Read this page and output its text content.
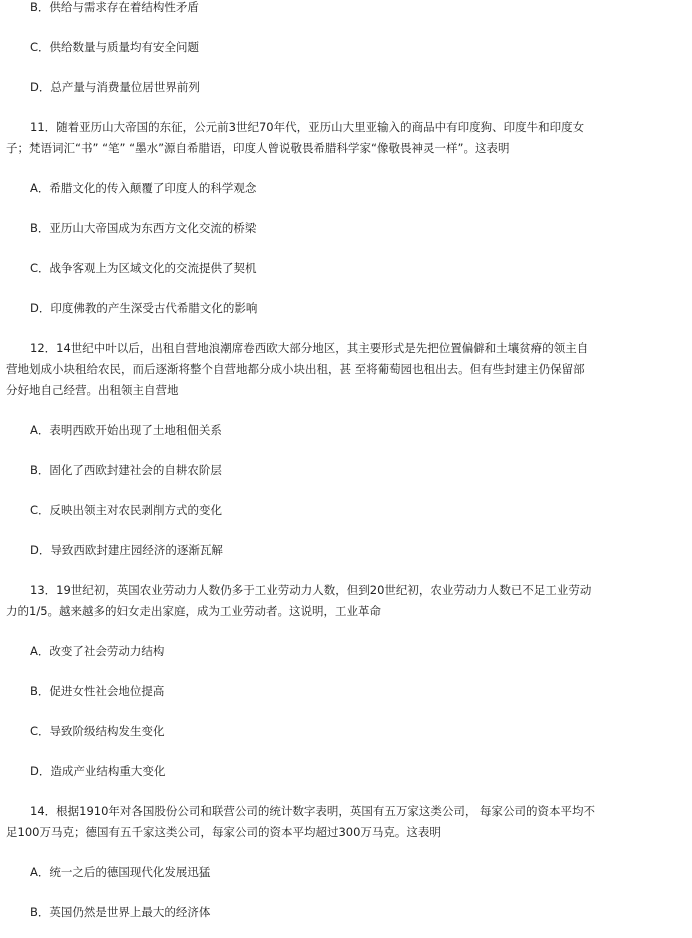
B．供给与需求存在着结构性矛盾
C．供给数量与质量均有安全问题
D．总产量与消费量位居世界前列
11．随着亚历山大帝国的东征，公元前3世纪70年代，亚历山大里亚输入的商品中有印度狗、印度牛和印度女
子；梵语词汇“书” “笔” “墨水”源自希腊语，印度人曾说敬畏希腊科学家“像敬畏神灵一样”。这表明
A．希腊文化的传入颠覆了印度人的科学观念
B．亚历山大帝国成为东西方文化交流的桥梁
C．战争客观上为区域文化的交流提供了契机
D．印度佛教的产生深受古代希腊文化的影响
12．14世纪中叶以后，出租自营地浪潮席卷西欧大部分地区，其主要形式是先把位置偏僻和土壤贫瘠的领主自
营地划成小块租给农民，而后逐渐将整个自营地都分成小块出租，甚 至将葡萄园也租出去。但有些封建主仍保留部
分好地自己经营。出租领主自营地
A．表明西欧开始出现了土地租佃关系
B．固化了西欧封建社会的自耕农阶层
C．反映出领主对农民剥削方式的变化
D．导致西欧封建庄园经济的逐渐瓦解
13．19世纪初，英国农业劳动力人数仍多于工业劳动力人数，但到20世纪初，农业劳动力人数已不足工业劳动
力的1/5。越来越多的妇女走出家庭，成为工业劳动者。这说明，工业革命
A．改变了社会劳动力结构
B．促进女性社会地位提高
C．导致阶级结构发生变化
D．造成产业结构重大变化
14．根据1910年对各国股份公司和联营公司的统计数字表明，英国有五万家这类公司， 每家公司的资本平均不
足100万马克；德国有五千家这类公司，每家公司的资本平均超过300万马克。这表明
A．统一之后的德国现代化发展迅猛
B．英国仍然是世界上最大的经济体
